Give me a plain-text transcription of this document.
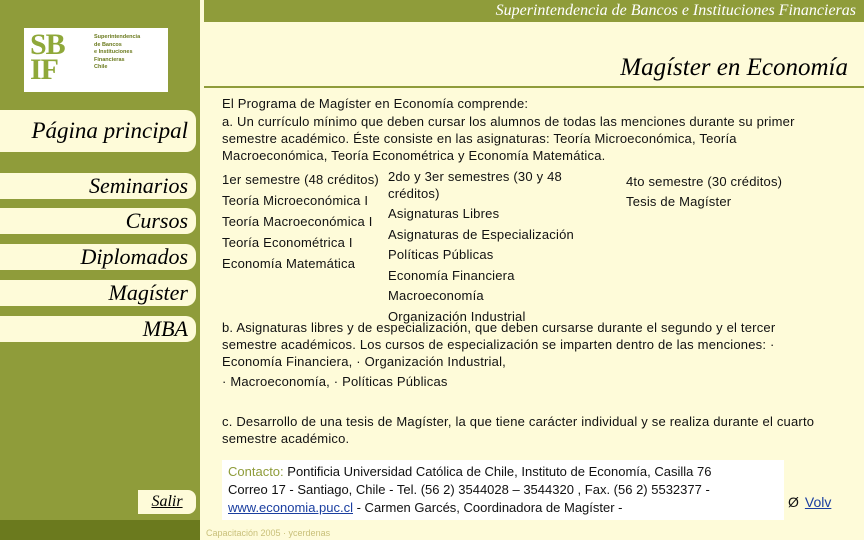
Superintendencia de Bancos e Instituciones Financieras
SB
IF
Superintendencia
de Bancos
e Instituciones
Financieras
Chile	Magíster en Economía
Página principal
Seminarios
Cursos
Diplomados
Magíster
MBA
Salir
El Programa de Magíster en Economía comprende:
a. Un currículo mínimo que deben cursar los alumnos de todas las menciones durante su primer semestre académico. Éste consiste en las asignaturas: Teoría Microeconómica, Teoría Macroeconómica, Teoría Econométrica y Economía Matemática.
1er semestre (48 créditos)
Teoría Microeconómica I
Teoría Macroeconómica I
Teoría Econométrica I
Economía Matemática
2do y 3er semestres (30 y 48 créditos)
Asignaturas Libres
Asignaturas de Especialización
Políticas Públicas
Economía Financiera
Macroeconomía
Organización Industrial
4to semestre (30 créditos)
Tesis de Magíster
b. Asignaturas libres y de especialización, que deben cursarse durante el segundo y el tercer semestre académicos. Los cursos de especialización se imparten dentro de las menciones: · Economía Financiera, · Organización Industrial,
· Macroeconomía, · Políticas Públicas
c. Desarrollo de una tesis de Magíster, la que tiene carácter individual y se realiza durante el cuarto semestre académico.
Contacto: Pontificia Universidad Católica de Chile, Instituto de Economía, Casilla 76
Correo 17 - Santiago, Chile - Tel. (56 2) 3544028 – 3544320 , Fax. (56 2) 5532377 -
www.economia.puc.cl - Carmen Garcés, Coordinadora de Magíster -	Ø Volv
Capacitación 2005 · ycerdenas
